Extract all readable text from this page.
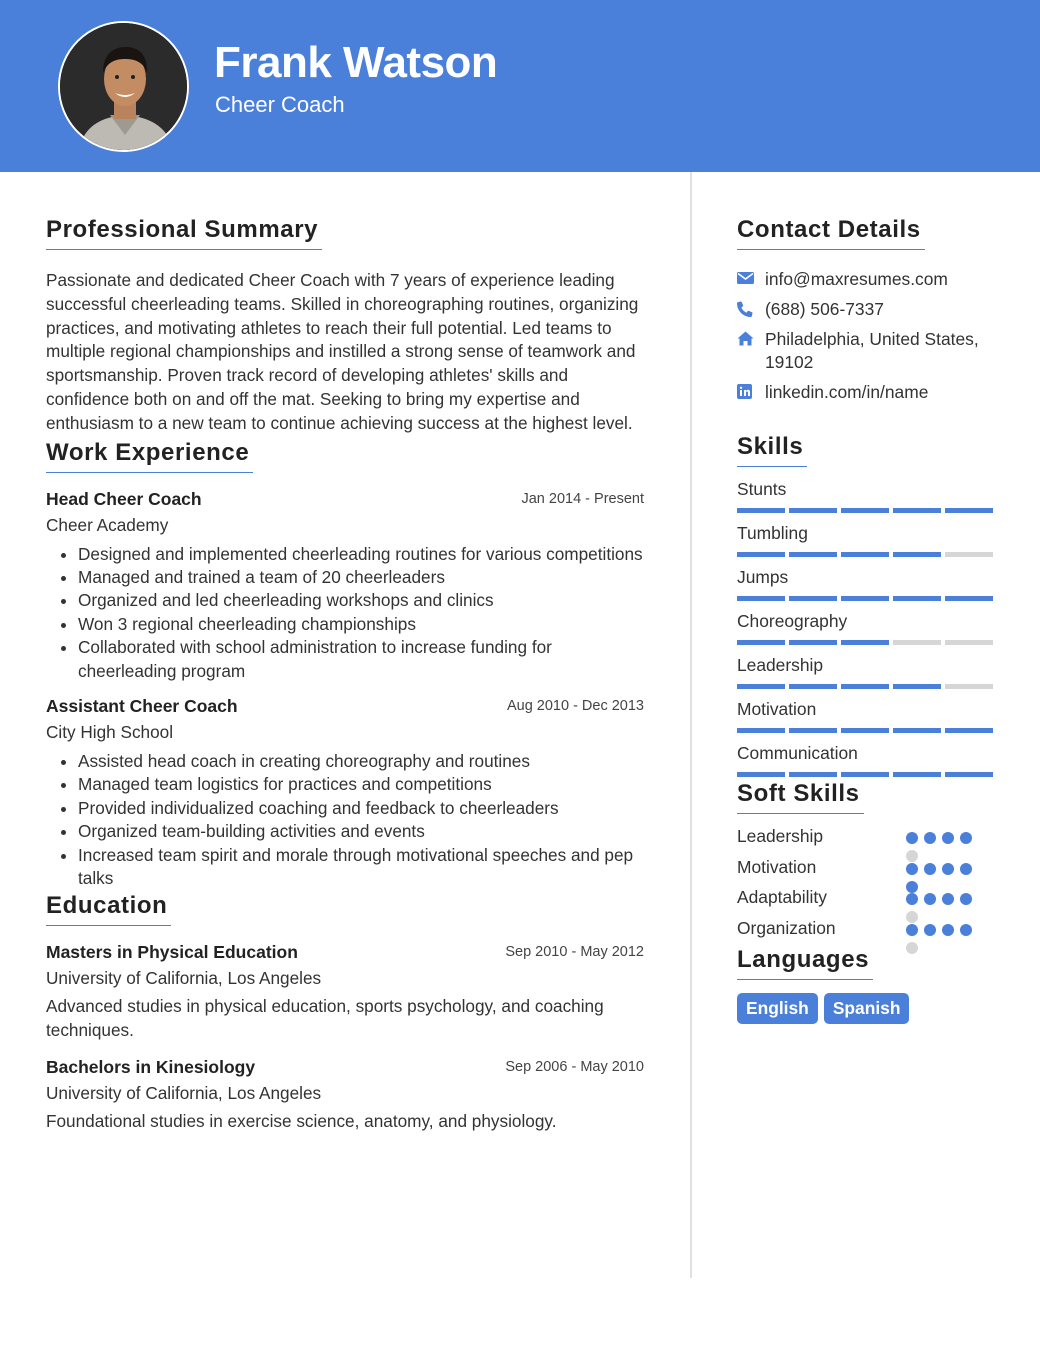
Frank Watson
Cheer Coach
Professional Summary
Passionate and dedicated Cheer Coach with 7 years of experience leading successful cheerleading teams. Skilled in choreographing routines, organizing practices, and motivating athletes to reach their full potential. Led teams to multiple regional championships and instilled a strong sense of teamwork and sportsmanship. Proven track record of developing athletes' skills and confidence both on and off the mat. Seeking to bring my expertise and enthusiasm to a new team to continue achieving success at the highest level.
Work Experience
Head Cheer Coach	Jan 2014 - Present
Cheer Academy
• Designed and implemented cheerleading routines for various competitions
• Managed and trained a team of 20 cheerleaders
• Organized and led cheerleading workshops and clinics
• Won 3 regional cheerleading championships
• Collaborated with school administration to increase funding for cheerleading program
Assistant Cheer Coach	Aug 2010 - Dec 2013
City High School
• Assisted head coach in creating choreography and routines
• Managed team logistics for practices and competitions
• Provided individualized coaching and feedback to cheerleaders
• Organized team-building activities and events
• Increased team spirit and morale through motivational speeches and pep talks
Education
Masters in Physical Education	Sep 2010 - May 2012
University of California, Los Angeles
Advanced studies in physical education, sports psychology, and coaching techniques.
Bachelors in Kinesiology	Sep 2006 - May 2010
University of California, Los Angeles
Foundational studies in exercise science, anatomy, and physiology.
Contact Details
info@maxresumes.com
(688) 506-7337
Philadelphia, United States, 19102
linkedin.com/in/name
Skills
Stunts
Tumbling
Jumps
Choreography
Leadership
Motivation
Communication
Soft Skills
Leadership
Motivation
Adaptability
Organization
Languages
English	Spanish
